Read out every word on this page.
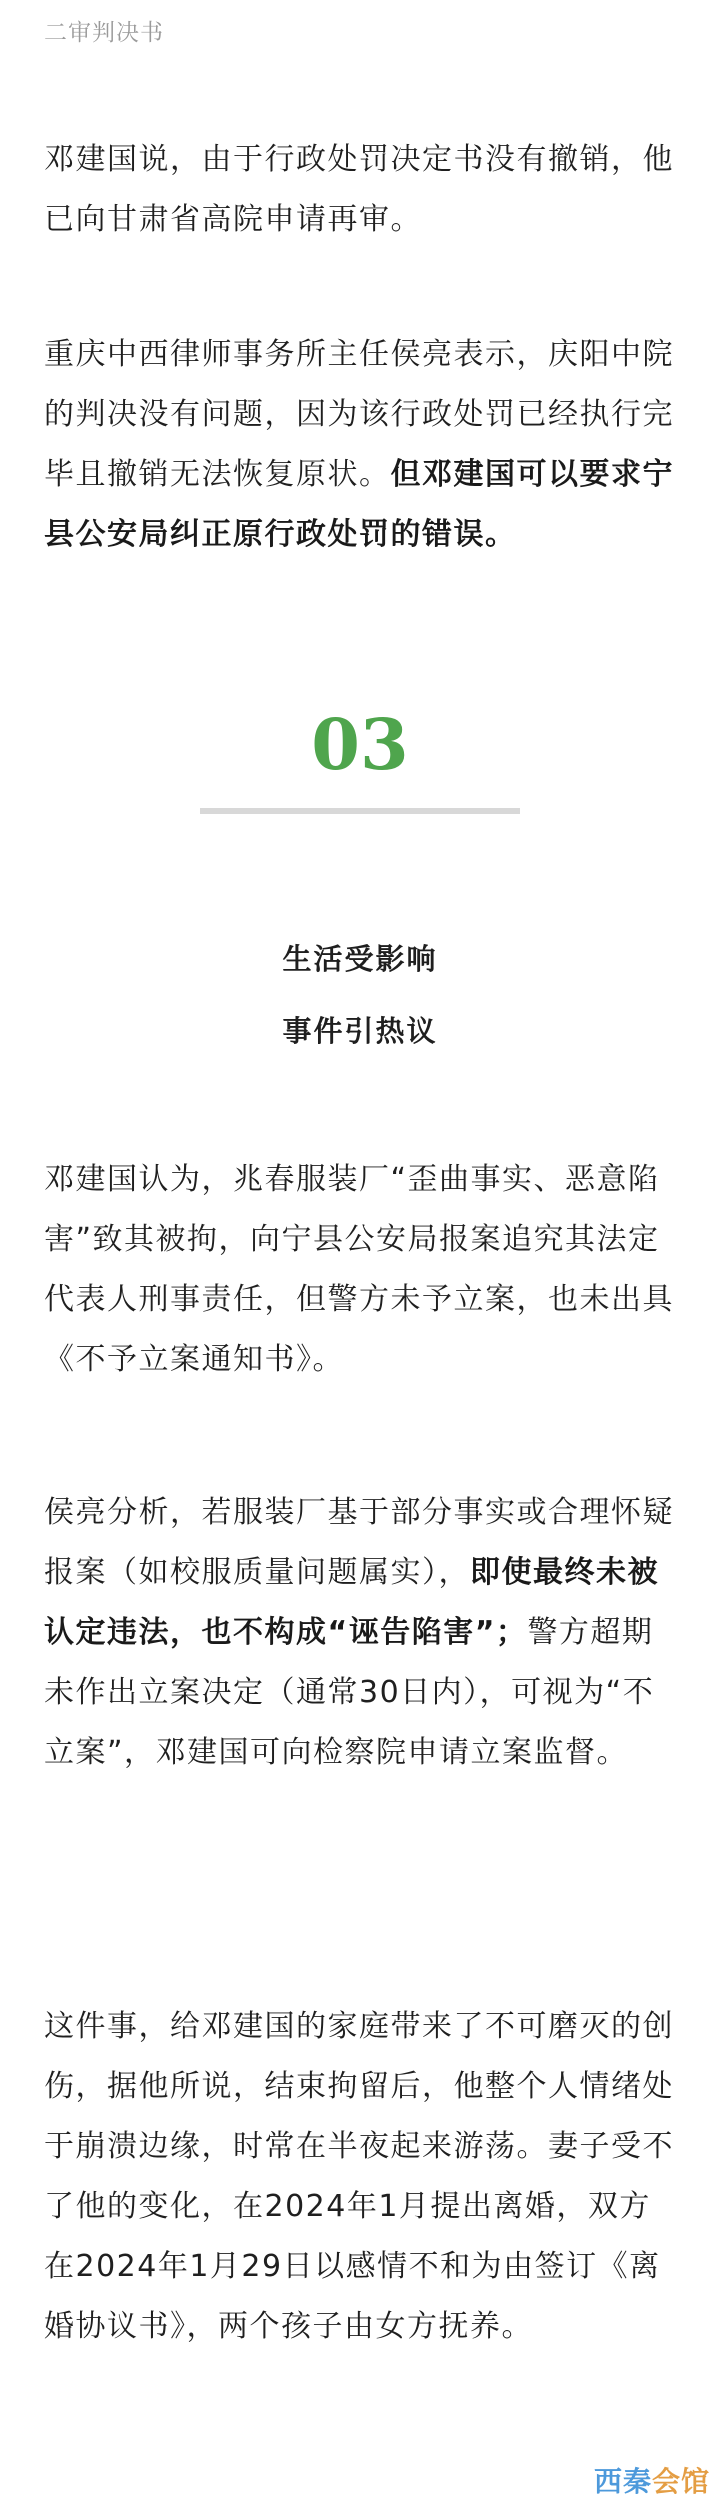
二审判决书

邓建国说，由于行政处罚决定书没有撤销，他已向甘肃省高院申请再审。

重庆中西律师事务所主任侯亮表示，庆阳中院的判决没有问题，因为该行政处罚已经执行完毕且撤销无法恢复原状。但邓建国可以要求宁县公安局纠正原行政处罚的错误。

03
生活受影响
事件引热议

邓建国认为，兆春服装厂“歪曲事实、恶意陷害”致其被拘，向宁县公安局报案追究其法定代表人刑事责任，但警方未予立案，也未出具《不予立案通知书》。

侯亮分析，若服装厂基于部分事实或合理怀疑报案（如校服质量问题属实），即使最终未被认定违法，也不构成“诬告陷害”；警方超期未作出立案决定（通常30日内），可视为“不立案”，邓建国可向检察院申请立案监督。

这件事，给邓建国的家庭带来了不可磨灭的创伤，据他所说，结束拘留后，他整个人情绪处于崩溃边缘，时常在半夜起来游荡。妻子受不了他的变化，在2024年1月提出离婚，双方在2024年1月29日以感情不和为由签订《离婚协议书》，两个孩子由女方抚养。

西秦会馆
